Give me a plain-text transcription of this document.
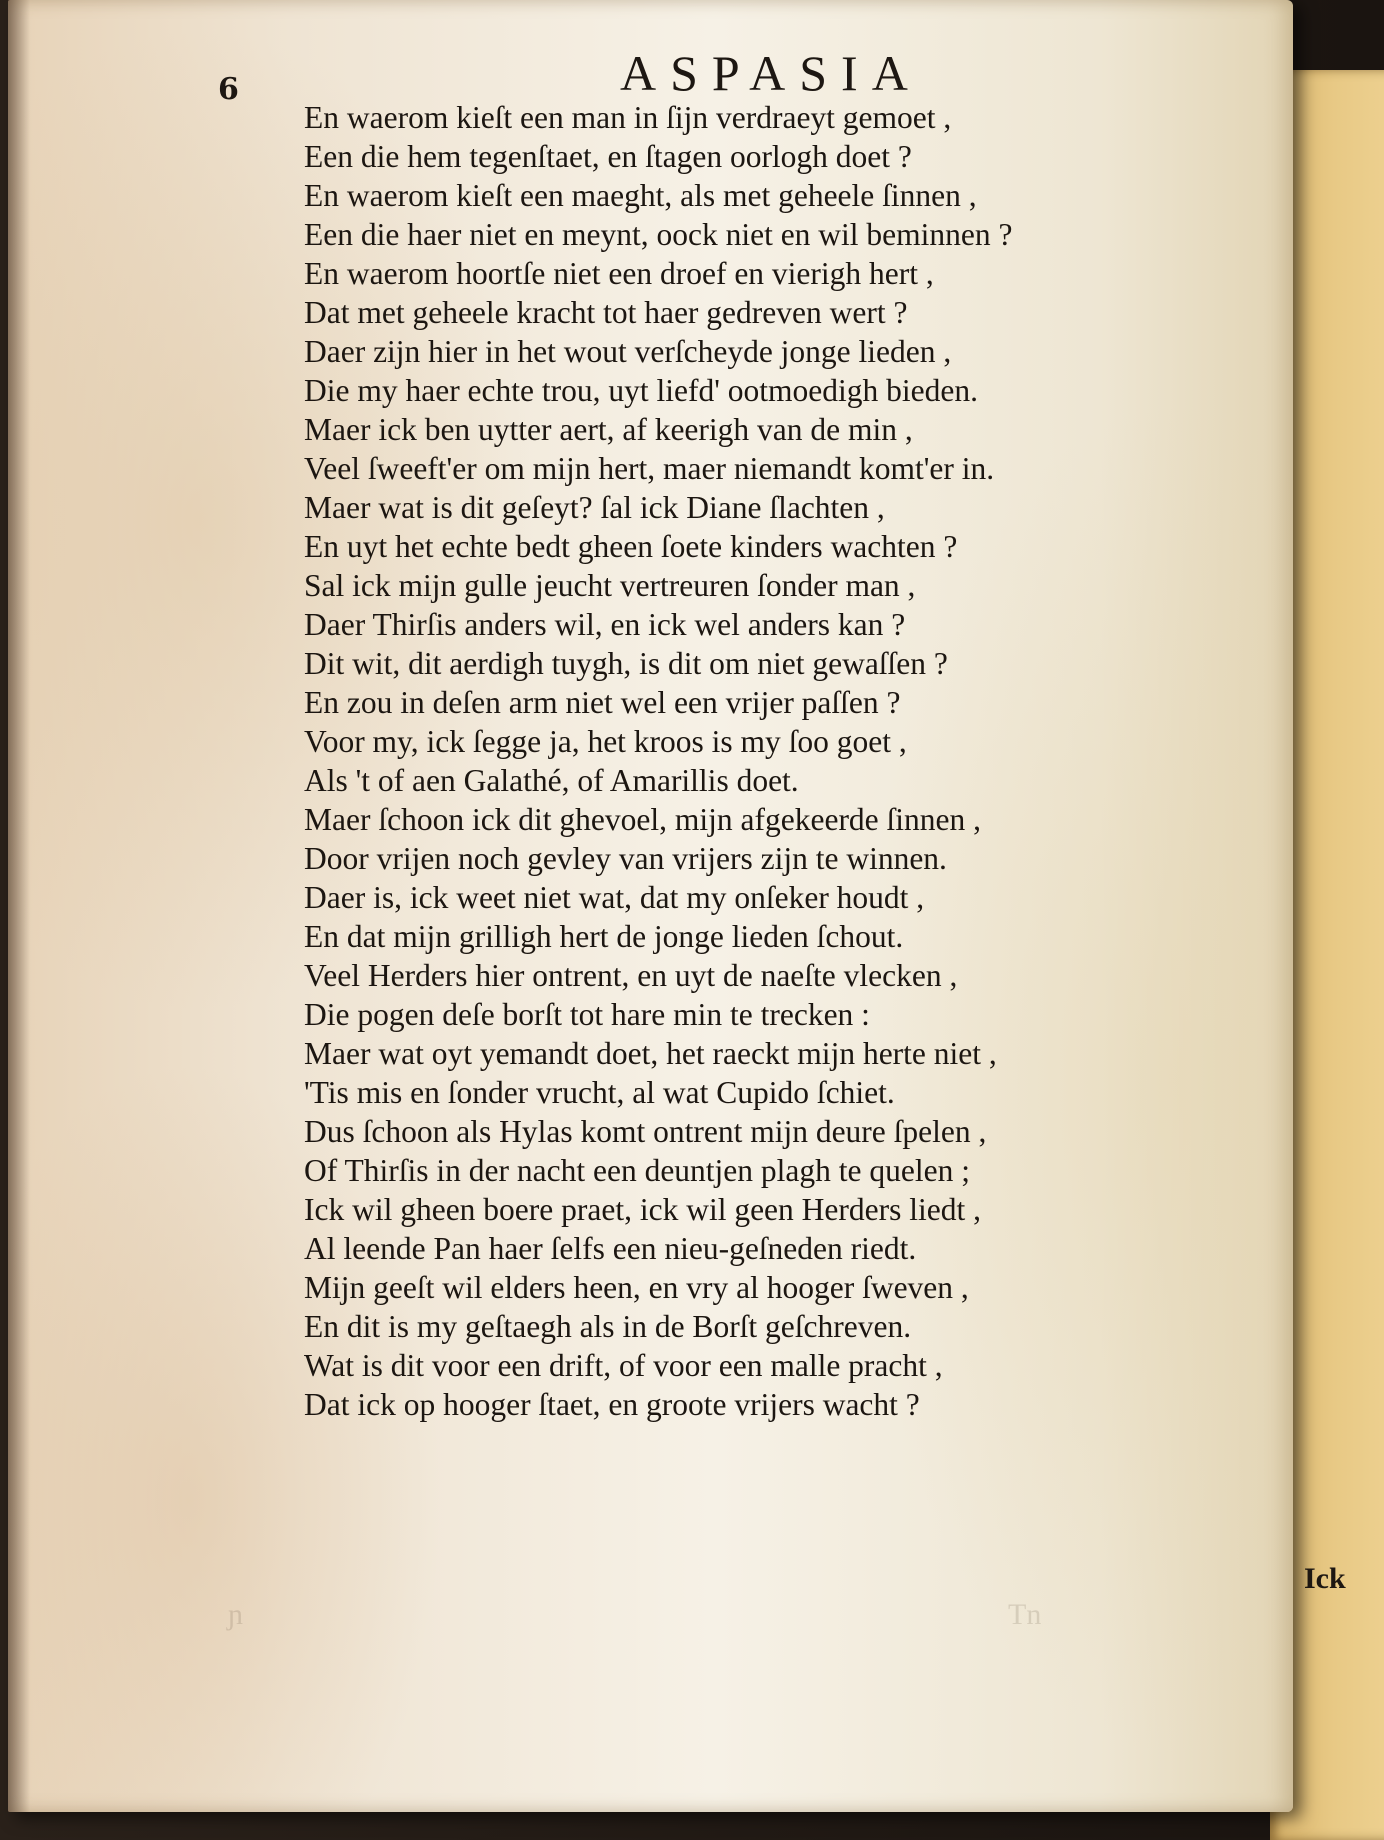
ɲ	Tn
6	ASPASIA
En waerom kieſt een man in ſijn verdraeyt gemoet ,
Een die hem tegenſtaet, en ſtagen oorlogh doet ?
En waerom kieſt een maeght, als met geheele ſinnen ,
Een die haer niet en meynt, oock niet en wil beminnen ?
En waerom hoortſe niet een droef en vierigh hert ,
Dat met geheele kracht tot haer gedreven wert ?
Daer zijn hier in het wout verſcheyde jonge lieden ,
Die my haer echte trou, uyt liefd' ootmoedigh bieden.
Maer ick ben uytter aert, af keerigh van de min ,
Veel ſweeft'er om mijn hert, maer niemandt komt'er in.
Maer wat is dit geſeyt? ſal ick Diane ſlachten ,
En uyt het echte bedt gheen ſoete kinders wachten ?
Sal ick mijn gulle jeucht vertreuren ſonder man ,
Daer Thirſis anders wil, en ick wel anders kan ?
Dit wit, dit aerdigh tuygh, is dit om niet gewaſſen ?
En zou in deſen arm niet wel een vrijer paſſen ?
Voor my, ick ſegge ja, het kroos is my ſoo goet ,
Als 't of aen Galathé, of Amarillis doet.
Maer ſchoon ick dit ghevoel, mijn afgekeerde ſinnen ,
Door vrijen noch gevley van vrijers zijn te winnen.
Daer is, ick weet niet wat, dat my onſeker houdt ,
En dat mijn grilligh hert de jonge lieden ſchout.
Veel Herders hier ontrent, en uyt de naeſte vlecken ,
Die pogen deſe borſt tot hare min te trecken :
Maer wat oyt yemandt doet, het raeckt mijn herte niet ,
'Tis mis en ſonder vrucht, al wat Cupido ſchiet.
Dus ſchoon als Hylas komt ontrent mijn deure ſpelen ,
Of Thirſis in der nacht een deuntjen plagh te quelen ;
Ick wil gheen boere praet, ick wil geen Herders liedt ,
Al leende Pan haer ſelfs een nieu-geſneden riedt.
Mijn geeſt wil elders heen, en vry al hooger ſweven ,
En dit is my geſtaegh als in de Borſt geſchreven.
Wat is dit voor een drift, of voor een malle pracht ,
Dat ick op hooger ſtaet, en groote vrijers wacht ?
Ick
